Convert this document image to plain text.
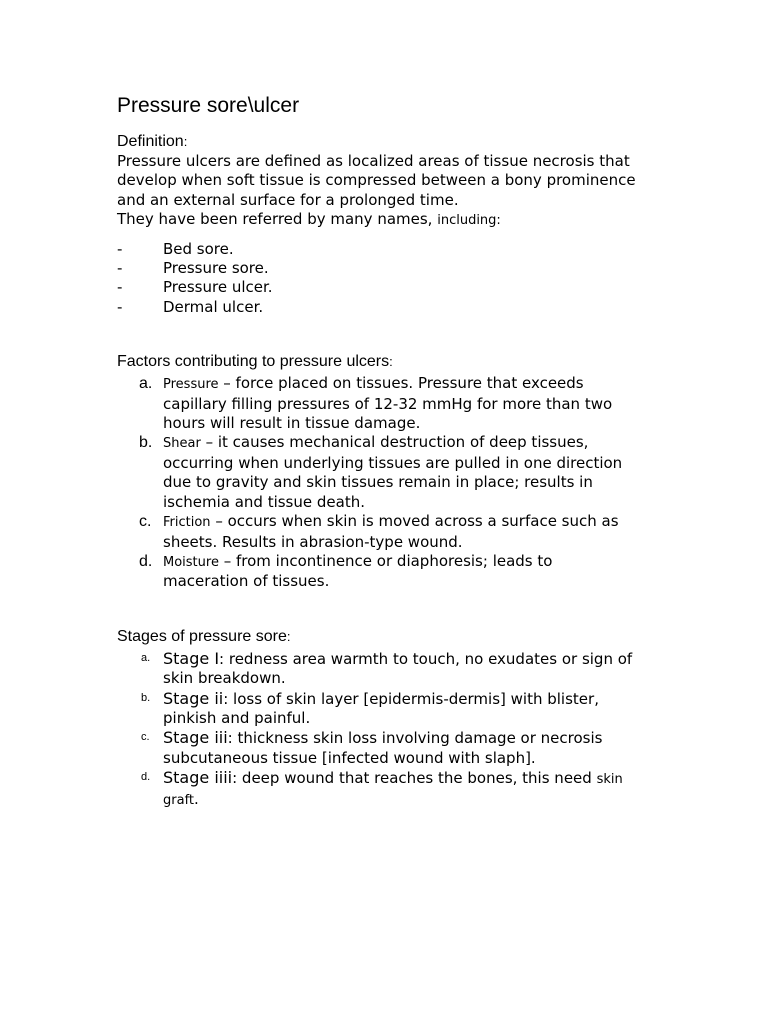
Pressure sore\ulcer
Definition:

Pressure ulcers are defined as localized areas of tissue necrosis that develop when soft tissue is compressed between a bony prominence and an external surface for a prolonged time.

They have been referred by many names, including:

-	Bed sore.
-	Pressure sore.
-	Pressure ulcer.
-	Dermal ulcer.
Factors contributing to pressure ulcers:
a. Pressure – force placed on tissues. Pressure that exceeds capillary filling pressures of 12-32 mmHg for more than two hours will result in tissue damage.
b. Shear – it causes mechanical destruction of deep tissues, occurring when underlying tissues are pulled in one direction due to gravity and skin tissues remain in place; results in ischemia and tissue death.
c. Friction – occurs when skin is moved across a surface such as sheets. Results in abrasion-type wound.
d. Moisture – from incontinence or diaphoresis; leads to maceration of tissues.
Stages of pressure sore:
a. Stage I: redness area warmth to touch, no exudates or sign of skin breakdown.
b. Stage ii: loss of skin layer [epidermis-dermis] with blister, pinkish and painful.
c. Stage iii: thickness skin loss involving damage or necrosis subcutaneous tissue [infected wound with slaph].
d. Stage iiii: deep wound that reaches the bones, this need skin graft.
